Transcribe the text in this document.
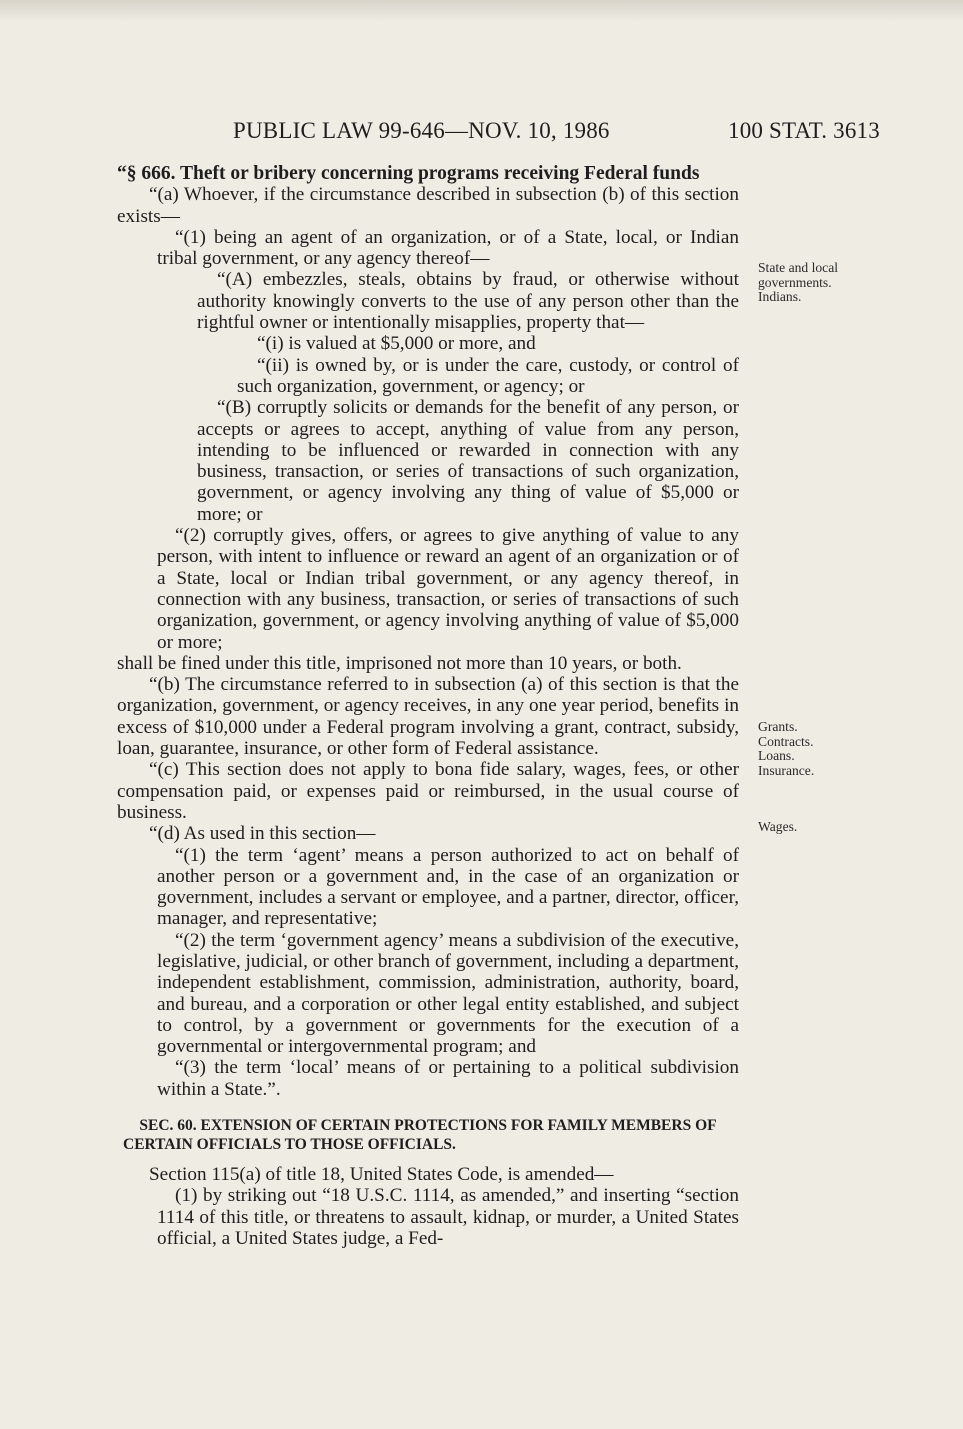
PUBLIC LAW 99-646—NOV. 10, 1986	100 STAT. 3613

“§ 666. Theft or bribery concerning programs receiving Federal funds

“(a) Whoever, if the circumstance described in subsection (b) of this section exists—

“(1) being an agent of an organization, or of a State, local, or Indian tribal government, or any agency thereof—

“(A) embezzles, steals, obtains by fraud, or otherwise without authority knowingly converts to the use of any person other than the rightful owner or intentionally misapplies, property that—

“(i) is valued at $5,000 or more, and

“(ii) is owned by, or is under the care, custody, or control of such organization, government, or agency; or

“(B) corruptly solicits or demands for the benefit of any person, or accepts or agrees to accept, anything of value from any person, intending to be influenced or rewarded in connection with any business, transaction, or series of transactions of such organization, government, or agency involving any thing of value of $5,000 or more; or

“(2) corruptly gives, offers, or agrees to give anything of value to any person, with intent to influence or reward an agent of an organization or of a State, local or Indian tribal government, or any agency thereof, in connection with any business, transaction, or series of transactions of such organization, government, or agency involving anything of value of $5,000 or more;

shall be fined under this title, imprisoned not more than 10 years, or both.

“(b) The circumstance referred to in subsection (a) of this section is that the organization, government, or agency receives, in any one year period, benefits in excess of $10,000 under a Federal program involving a grant, contract, subsidy, loan, guarantee, insurance, or other form of Federal assistance.

“(c) This section does not apply to bona fide salary, wages, fees, or other compensation paid, or expenses paid or reimbursed, in the usual course of business.

“(d) As used in this section—

“(1) the term ‘agent’ means a person authorized to act on behalf of another person or a government and, in the case of an organization or government, includes a servant or employee, and a partner, director, officer, manager, and representative;

“(2) the term ‘government agency’ means a subdivision of the executive, legislative, judicial, or other branch of government, including a department, independent establishment, commission, administration, authority, board, and bureau, and a corporation or other legal entity established, and subject to control, by a government or governments for the execution of a governmental or intergovernmental program; and

“(3) the term ‘local’ means of or pertaining to a political subdivision within a State.”.

SEC. 60. EXTENSION OF CERTAIN PROTECTIONS FOR FAMILY MEMBERS OF CERTAIN OFFICIALS TO THOSE OFFICIALS.

Section 115(a) of title 18, United States Code, is amended—

(1) by striking out “18 U.S.C. 1114, as amended,” and inserting “section 1114 of this title, or threatens to assault, kidnap, or murder, a United States official, a United States judge, a Fed-

State and local governments. Indians.
Grants. Contracts. Loans. Insurance.
Wages.
